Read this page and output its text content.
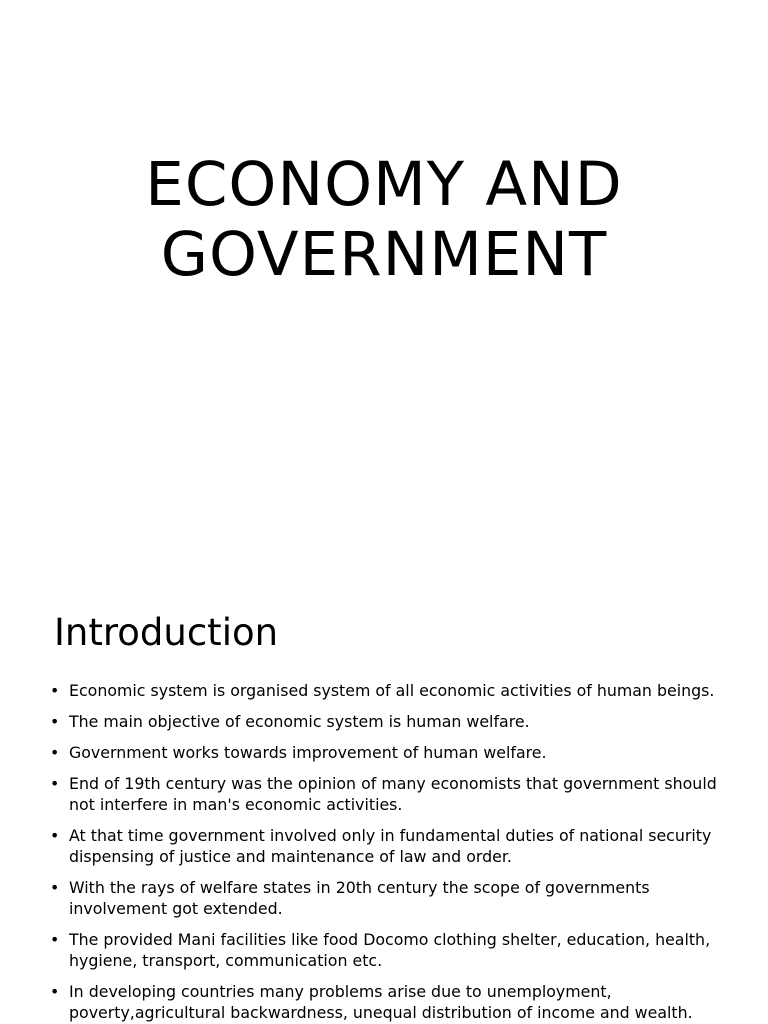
ECONOMY AND
GOVERNMENT
Introduction
• Economic system is organised system of all economic activities of human beings.
• The main objective of economic system is human welfare.
• Government works towards improvement of human welfare.
• End of 19th century was the opinion of many economists that government should not interfere in man's economic activities.
• At that time government involved only in fundamental duties of national security dispensing of justice and maintenance of law and order.
• With the rays of welfare states in 20th century the scope of governments involvement got extended.
• The provided Mani facilities like food Docomo clothing shelter, education, health, hygiene, transport, communication etc.
• In developing countries many problems arise due to unemployment, poverty,agricultural backwardness, unequal distribution of income and wealth.
